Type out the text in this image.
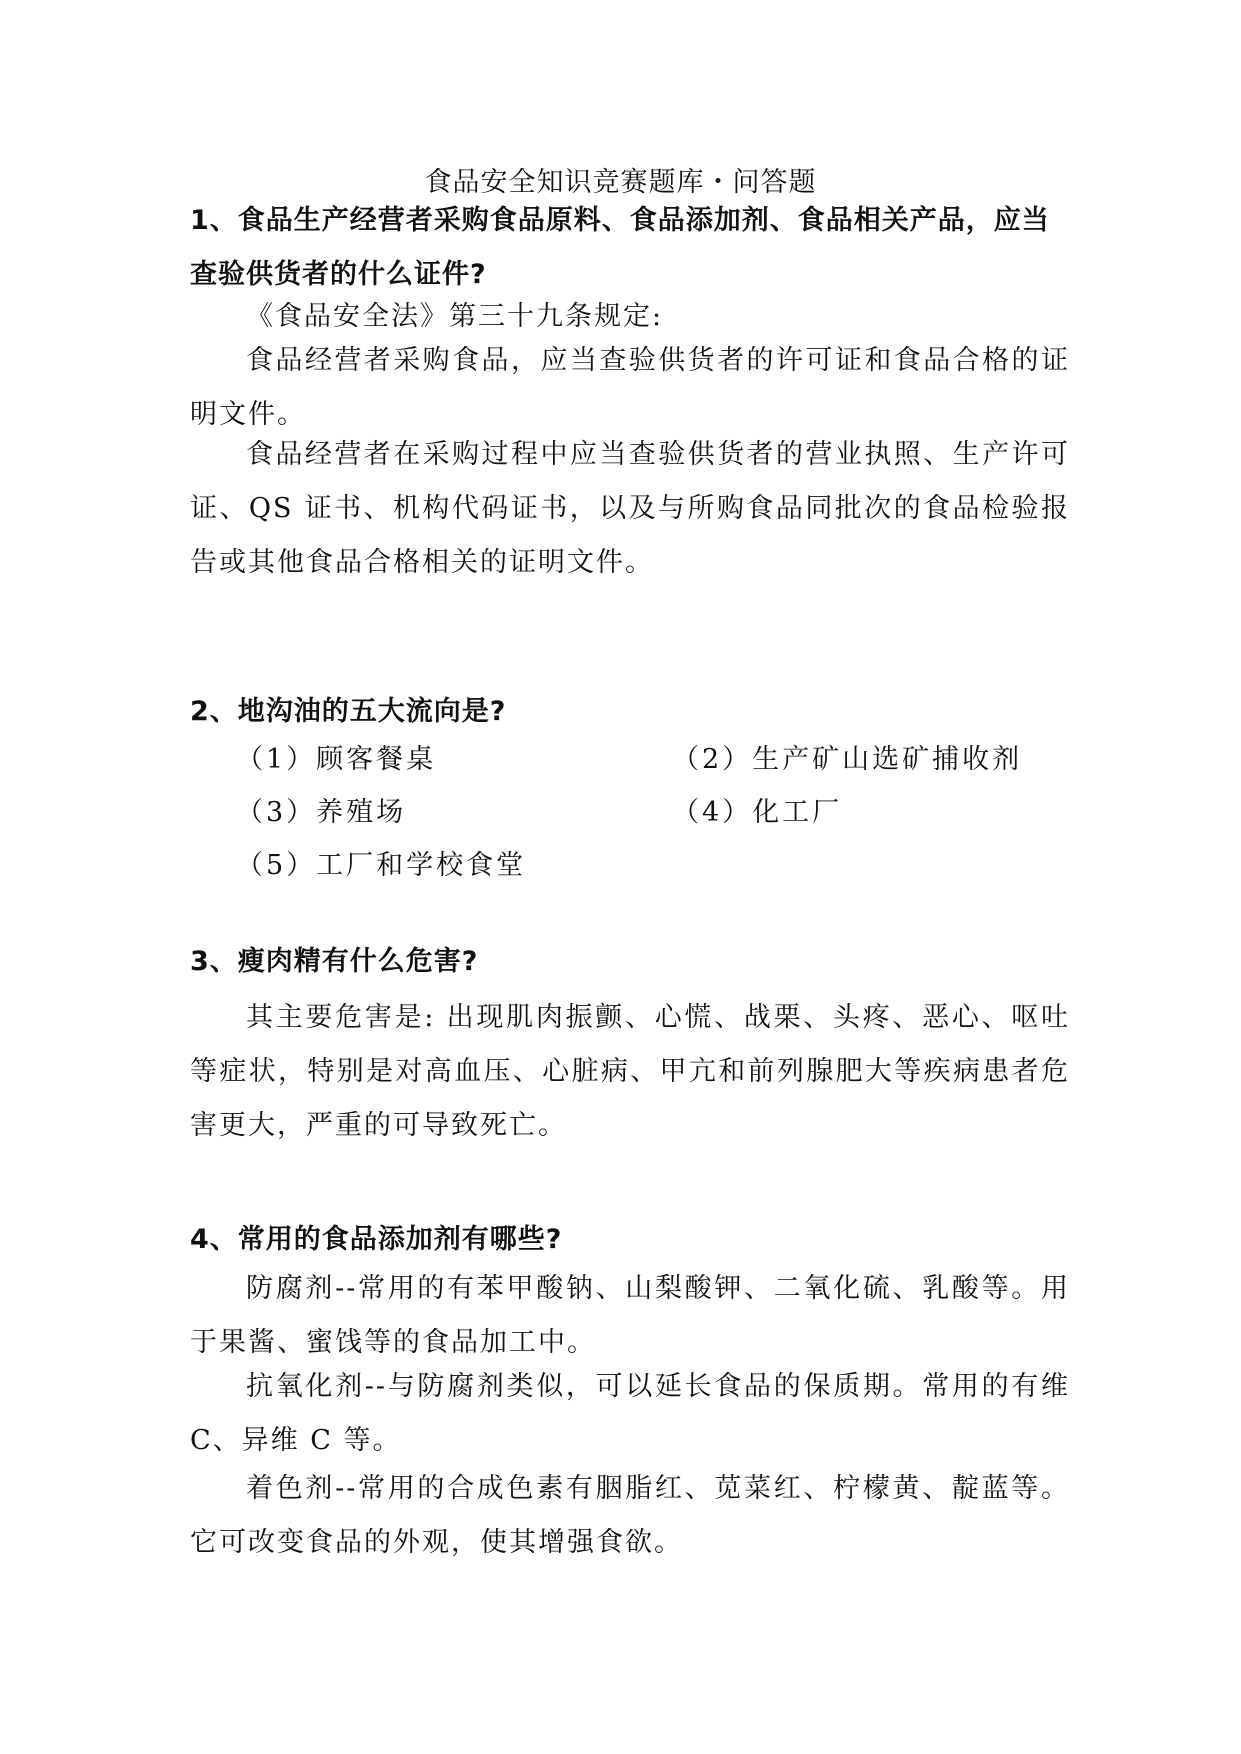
食品安全知识竞赛题库・问答题
1、食品生产经营者采购食品原料、食品添加剂、食品相关产品，应当查验供货者的什么证件?
《食品安全法》第三十九条规定:
食品经营者采购食品，应当查验供货者的许可证和食品合格的证明文件。
食品经营者在采购过程中应当查验供货者的营业执照、生产许可证、QS 证书、机构代码证书，以及与所购食品同批次的食品检验报告或其他食品合格相关的证明文件。
2、地沟油的五大流向是?
（1）顾客餐桌	（2）生产矿山选矿捕收剂
（3）养殖场	（4）化工厂
（5）工厂和学校食堂
3、瘦肉精有什么危害?
其主要危害是: 出现肌肉振颤、心慌、战栗、头疼、恶心、呕吐等症状，特别是对高血压、心脏病、甲亢和前列腺肥大等疾病患者危害更大，严重的可导致死亡。
4、常用的食品添加剂有哪些?
防腐剂--常用的有苯甲酸钠、山梨酸钾、二氧化硫、乳酸等。用于果酱、蜜饯等的食品加工中。
抗氧化剂--与防腐剂类似，可以延长食品的保质期。常用的有维C、异维 C 等。
着色剂--常用的合成色素有胭脂红、苋菜红、柠檬黄、靛蓝等。它可改变食品的外观，使其增强食欲。
